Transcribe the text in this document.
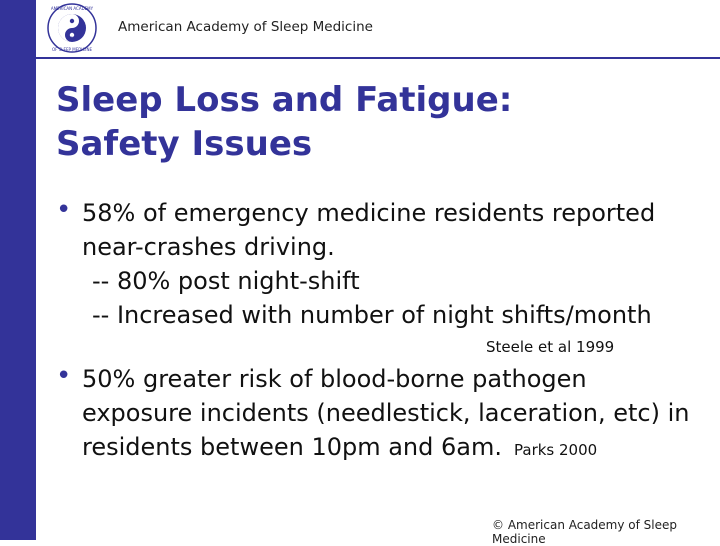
AMERICAN ACADEMY
OF SLEEP MEDICINE
AASM
SLEEP
American Academy of Sleep Medicine
Sleep Loss and Fatigue:
Safety Issues
• 58% of emergency medicine residents reported
near-crashes driving.
-- 80% post night-shift
-- Increased with number of night shifts/month
Steele et al 1999
• 50% greater risk of blood-borne pathogen
exposure incidents (needlestick, laceration, etc) in
residents between 10pm and 6am. Parks 2000
© American Academy of Sleep Medicine
